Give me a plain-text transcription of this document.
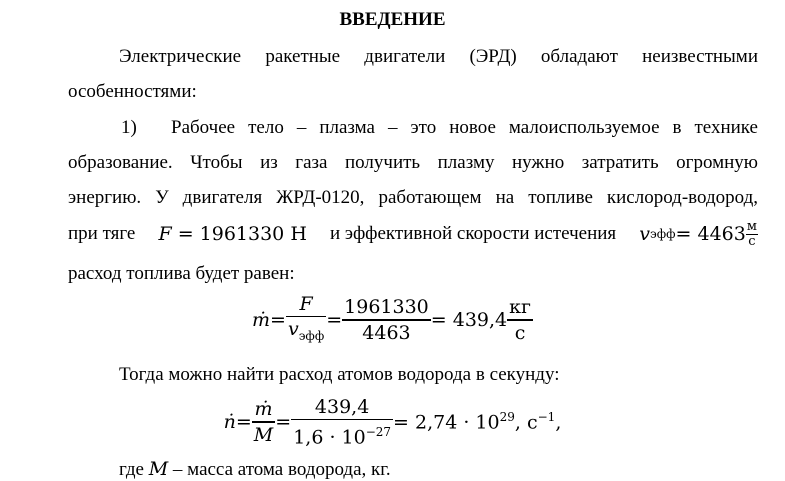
ВВЕДЕНИЕ
Электрические ракетные двигатели (ЭРД) обладают неизвестными
особенностями:
1) Рабочее тело – плазма – это новое малоиспользуемое в технике
образование. Чтобы из газа получить плазму нужно затратить огромную
энергию. У двигателя ЖРД-0120, работающем на топливе кислород-водород,
при тяге F = 1961330 Н и эффективной скорости истечения v эфф = $4463 \frac{м}{с}$
расход топлива будет равен:
ṁ = $\frac{F}{v_{эфф}} = \frac{1961330}{4463} = 439,4 \frac{кг}{с}$
Тогда можно найти расход атомов водорода в секунду:
ṅ = $\frac{\text{ṁ}}{M} = \frac{439,4}{1,6 \cdot 10^{-27}} = 2,74 \cdot 10^{29}$, $с^{-1}$,
где M – масса атома водорода, кг.
